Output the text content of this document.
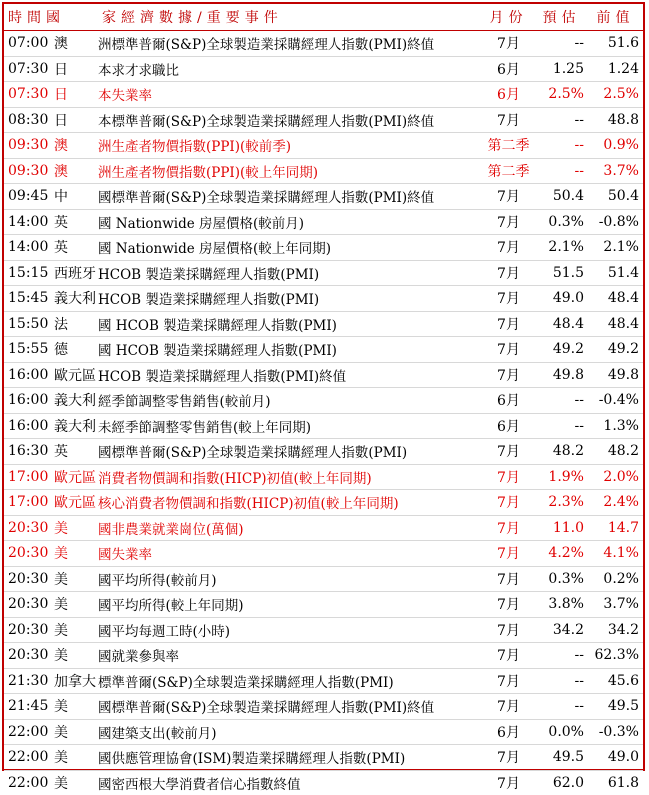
時間國		家經濟數據/重要事件	月份	預估	前值
07:00	澳	洲標準普爾(S&P)全球製造業採購經理人指數(PMI)終值	7月	--	51.6
07:30	日	本求才求職比	6月	1.25	1.24
07:30	日	本失業率	6月	2.5%	2.5%
08:30	日	本標準普爾(S&P)全球製造業採購經理人指數(PMI)終值	7月	--	48.8
09:30	澳	洲生產者物價指數(PPI)(較前季)	第二季	--	0.9%
09:30	澳	洲生產者物價指數(PPI)(較上年同期)	第二季	--	3.7%
09:45	中	國標準普爾(S&P)全球製造業採購經理人指數(PMI)終值	7月	50.4	50.4
14:00	英	國 Nationwide 房屋價格(較前月)	7月	0.3%	-0.8%
14:00	英	國 Nationwide 房屋價格(較上年同期)	7月	2.1%	2.1%
15:15	西班牙	HCOB 製造業採購經理人指數(PMI)	7月	51.5	51.4
15:45	義大利	HCOB 製造業採購經理人指數(PMI)	7月	49.0	48.4
15:50	法	國 HCOB 製造業採購經理人指數(PMI)	7月	48.4	48.4
15:55	德	國 HCOB 製造業採購經理人指數(PMI)	7月	49.2	49.2
16:00	歐元區	HCOB 製造業採購經理人指數(PMI)終值	7月	49.8	49.8
16:00	義大利	經季節調整零售銷售(較前月)	6月	--	-0.4%
16:00	義大利	未經季節調整零售銷售(較上年同期)	6月	--	1.3%
16:30	英	國標準普爾(S&P)全球製造業採購經理人指數(PMI)	7月	48.2	48.2
17:00	歐元區	消費者物價調和指數(HICP)初值(較上年同期)	7月	1.9%	2.0%
17:00	歐元區	核心消費者物價調和指數(HICP)初值(較上年同期)	7月	2.3%	2.4%
20:30	美	國非農業就業崗位(萬個)	7月	11.0	14.7
20:30	美	國失業率	7月	4.2%	4.1%
20:30	美	國平均所得(較前月)	7月	0.3%	0.2%
20:30	美	國平均所得(較上年同期)	7月	3.8%	3.7%
20:30	美	國平均每週工時(小時)	7月	34.2	34.2
20:30	美	國就業參與率	7月	--	62.3%
21:30	加拿大	標準普爾(S&P)全球製造業採購經理人指數(PMI)	7月	--	45.6
21:45	美	國標準普爾(S&P)全球製造業採購經理人指數(PMI)終值	7月	--	49.5
22:00	美	國建築支出(較前月)	6月	0.0%	-0.3%
22:00	美	國供應管理協會(ISM)製造業採購經理人指數(PMI)	7月	49.5	49.0
22:00	美	國密西根大學消費者信心指數終值	7月	62.0	61.8
